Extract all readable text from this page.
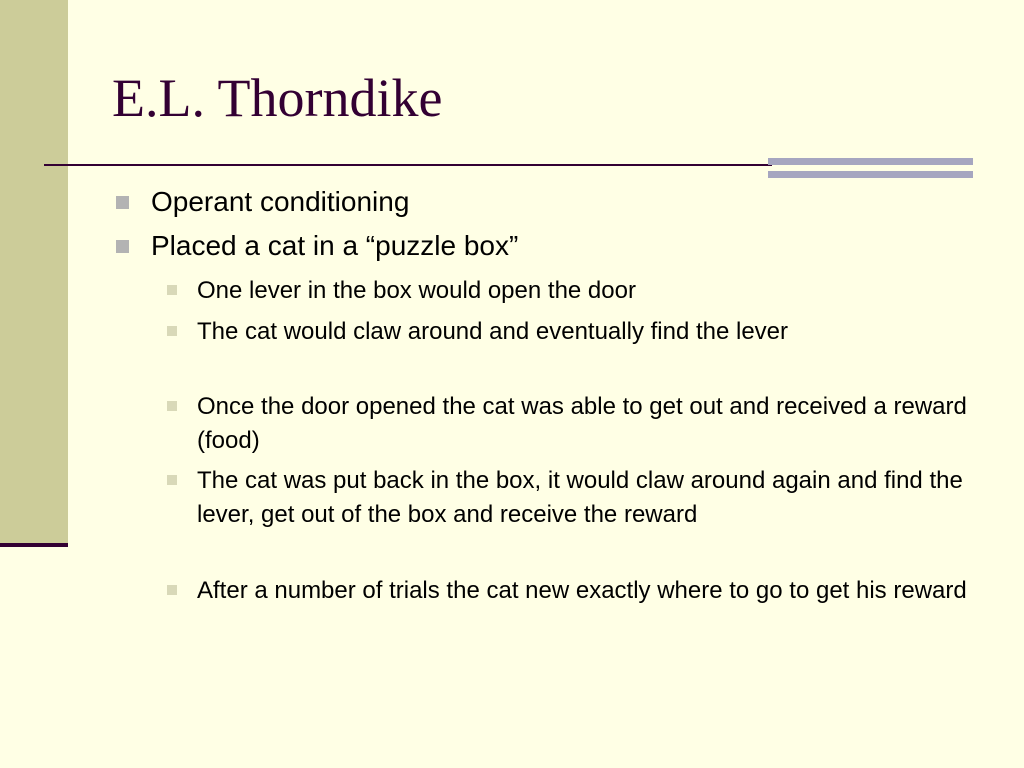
E.L. Thorndike
Operant conditioning
Placed a cat in a “puzzle box”
One lever in the box would open the door
The cat would claw around and eventually find the lever
Once the door opened the cat was able to get out and received a reward (food)
The cat was put back in the box, it would claw around again and find the lever, get out of the box and receive the reward
After a number of trials the cat new exactly where to go to get his reward
